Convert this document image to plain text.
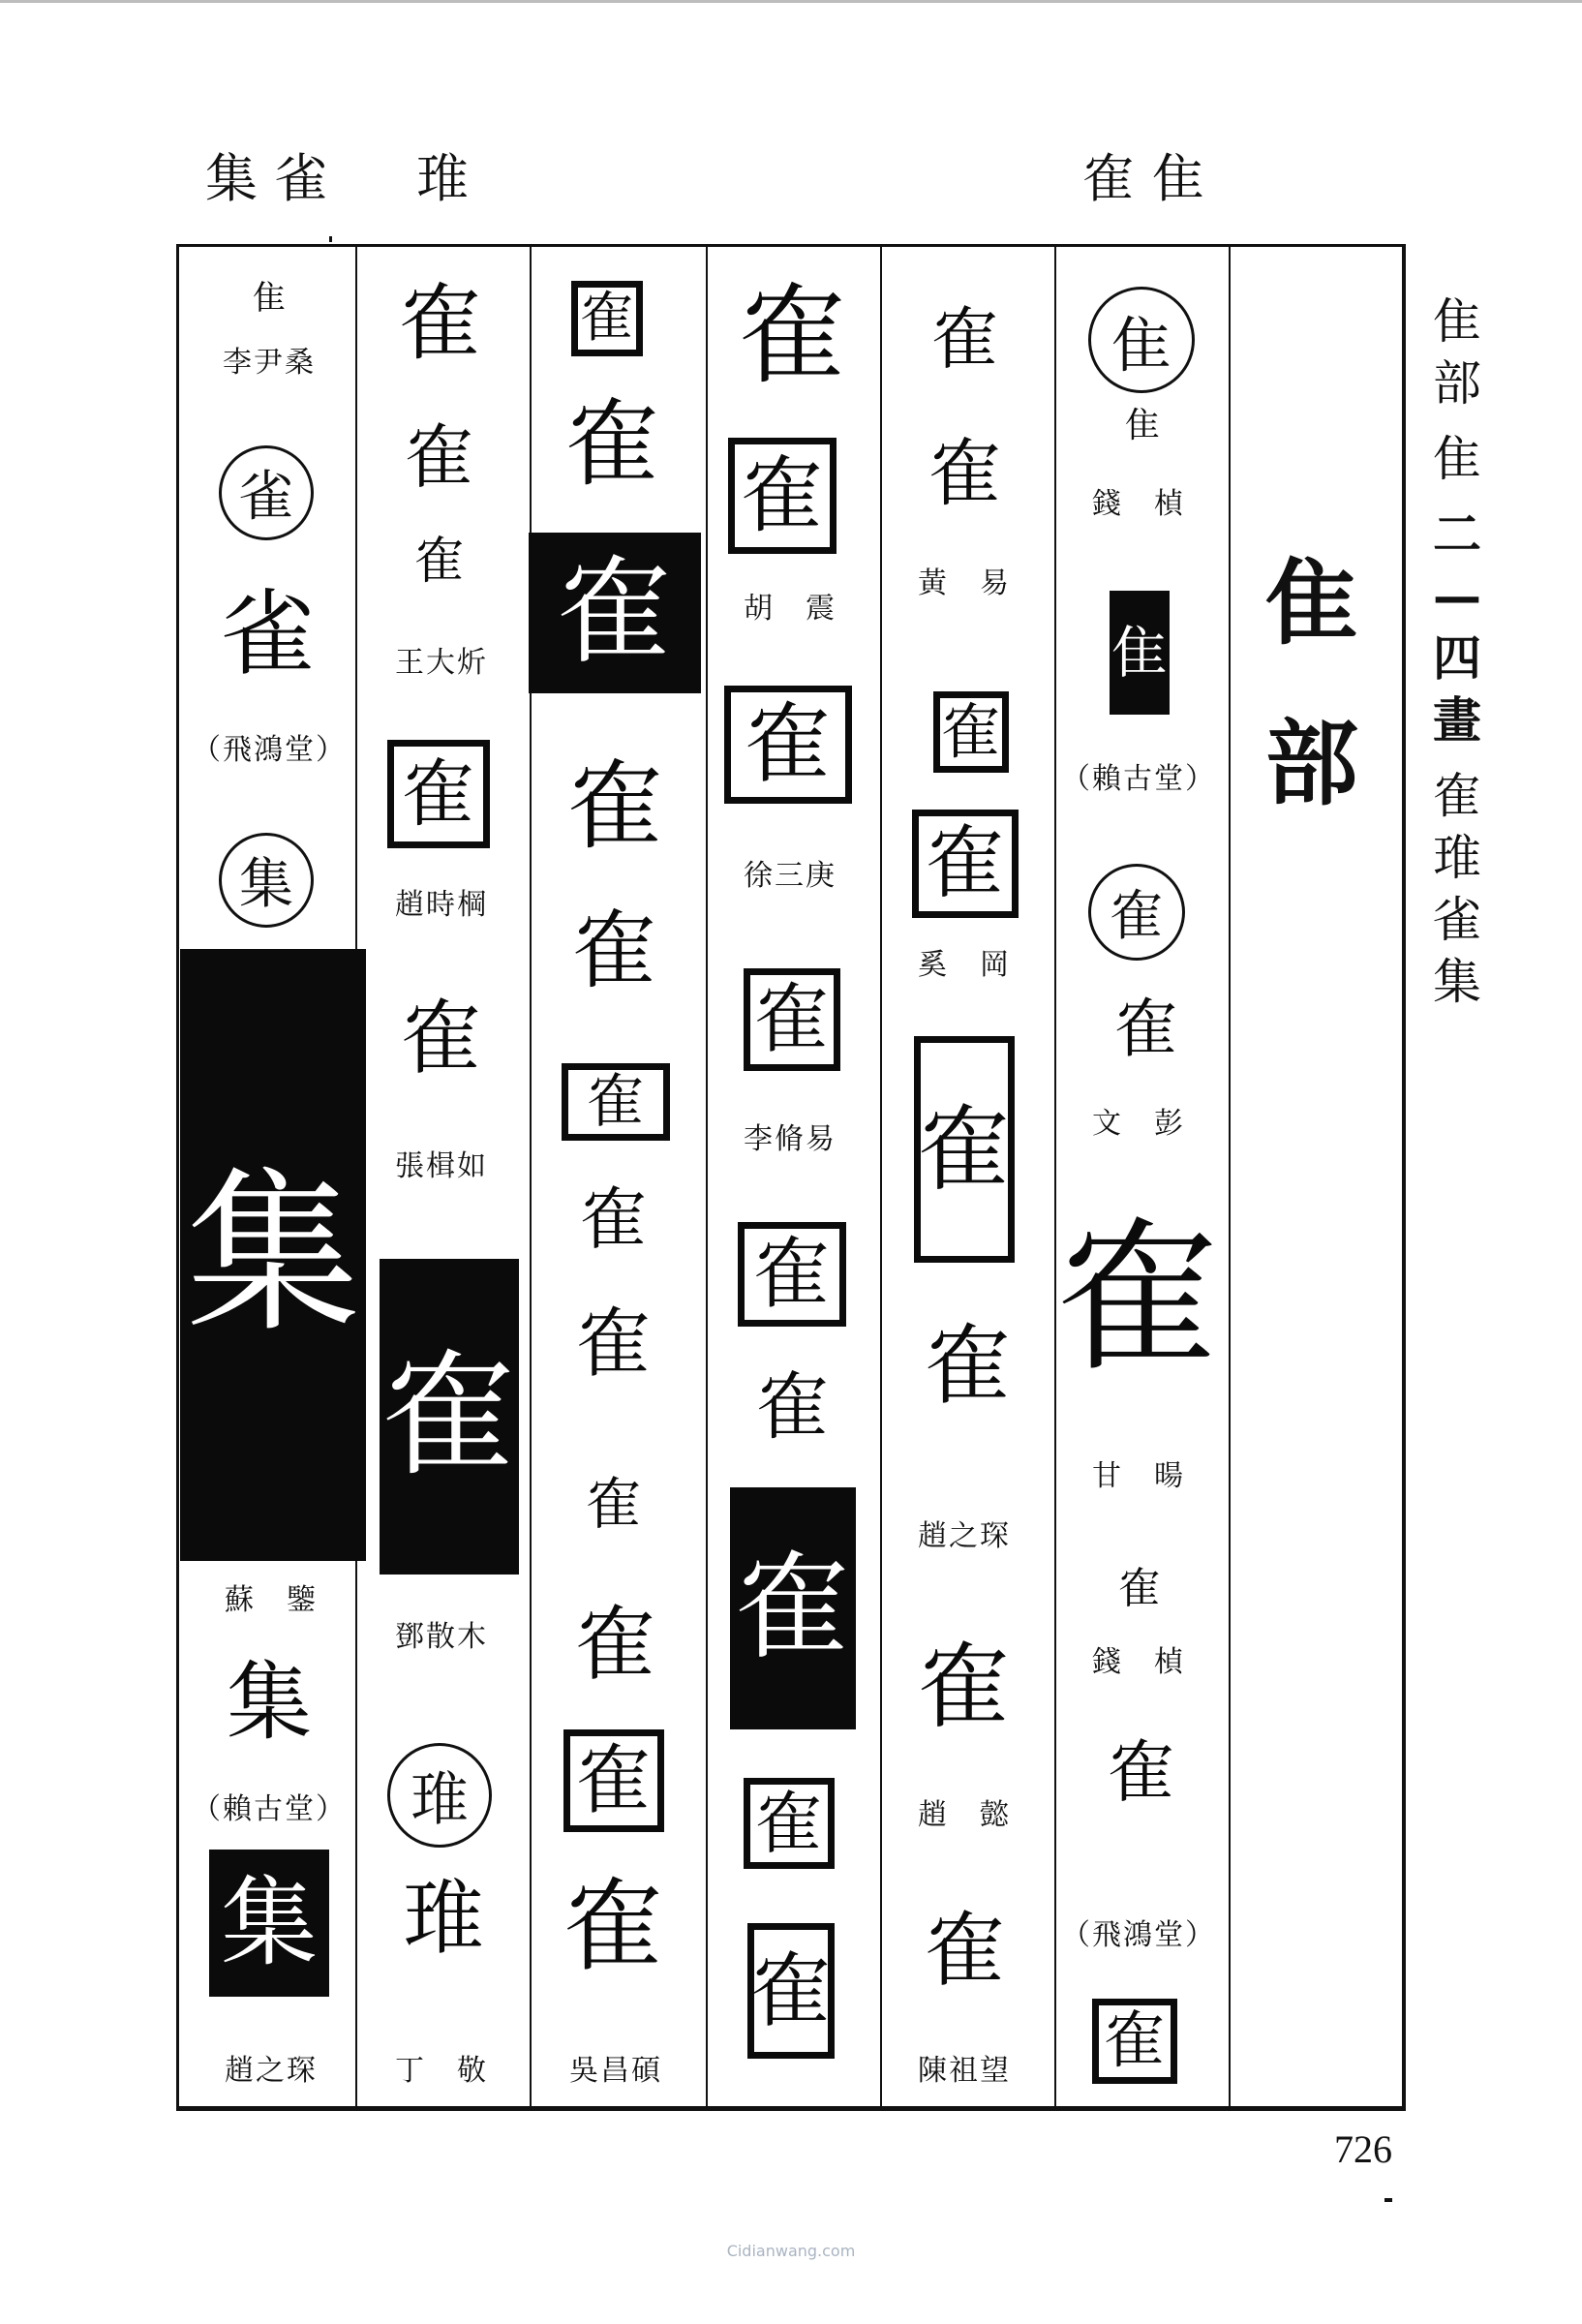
集雀 琟	隺隹
隹
部
隹
二
—
四
畫
隺
琟
雀
集
隹
部
隹
李尹桑
雀
雀
（飛鴻堂）
集
集
蘇　鑒
集
（賴古堂）
集
趙之琛
隺
隺
隺
王大炘
隺
趙時棡
隺
張楫如
隺
鄧散木
琟
琟
丁　敬
隺
隺
隺
隺
隺
隺
隺
隺
隺
隺
隺
隺
吳昌碩
隺
隺
胡　震
隺
徐三庚
隺
李脩易
隺
隺
隺
隺
隺
隺
隺
黃　易
隺
隺
奚　岡
隺
隺
趙之琛
隺
趙　懿
隺
陳祖望
隹
隹
錢　楨
隹
（賴古堂）
隺
隺
文　彭
隺
甘　暘
隺
錢　楨
隺
（飛鴻堂）
隺
726
Cidianwang.com
